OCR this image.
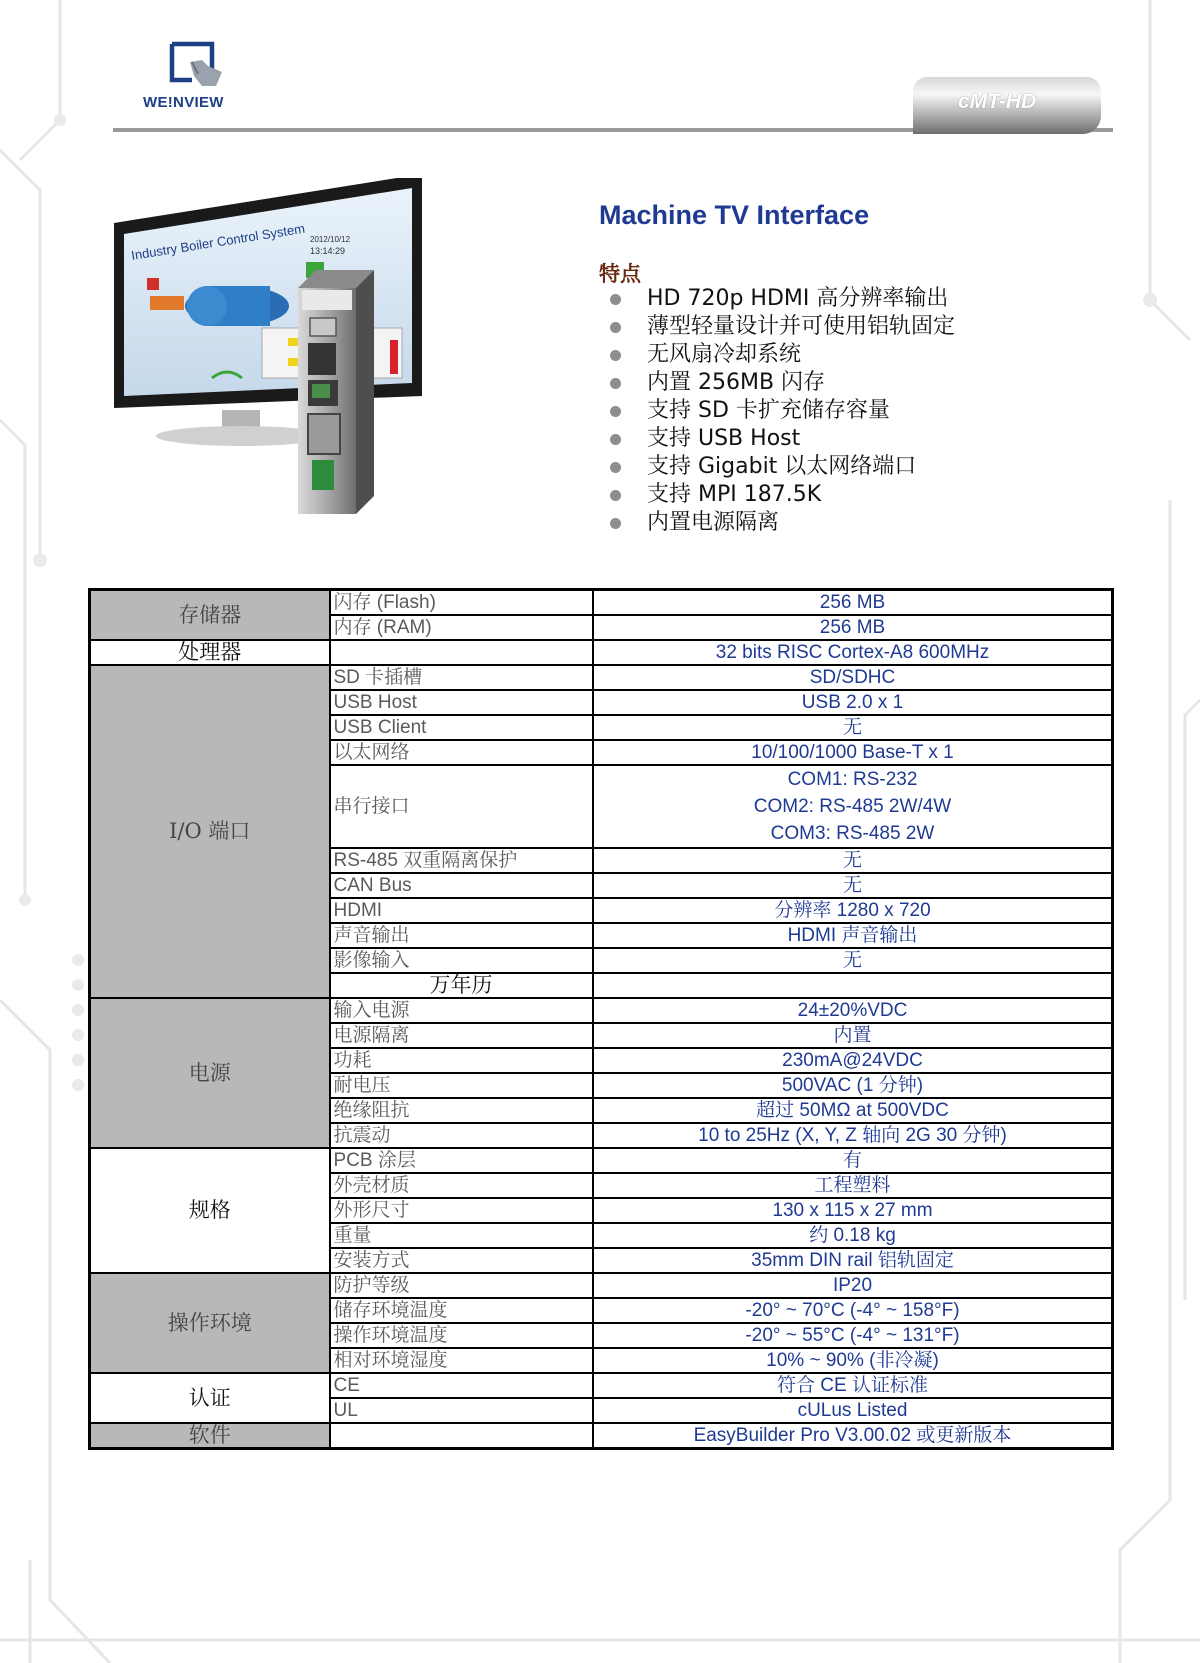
WE!NVIEW	cMT-HD
Industry Boiler Control System 2012/10/12
13:14:29
Machine TV Interface
特点
HD 720p HDMI 高分辨率输出
薄型轻量设计并可使用铝轨固定
无风扇冷却系统
内置 256MB 闪存
支持 SD 卡扩充储存容量
支持 USB Host
支持 Gigabit 以太网络端口
支持 MPI 187.5K
内置电源隔离
存储器	闪存 (Flash)	256 MB	
	内存 (RAM)	256 MB	
处理器		32 bits RISC Cortex-A8 600MHz	
I/O 端口	SD 卡插槽	SD/SDHC	
	USB Host	USB 2.0 x 1	
	USB Client	无	
	以太网络	10/100/1000 Base-T x 1	
	串行接口	COM1: RS-232
COM2: RS-485 2W/4W
COM3: RS-485 2W	

	RS-485 双重隔离保护	无	
	CAN Bus	无	
	HDMI	分辨率 1280 x 720	
	声音输出	HDMI 声音输出	
	影像输入	无	
	万年历		
电源	输入电源	24±20%VDC	
	电源隔离	内置	
	功耗	230mA@24VDC	
	耐电压	500VAC (1 分钟)	
	绝缘阻抗	超过 50MΩ at 500VDC	
	抗震动	10 to 25Hz (X, Y, Z 轴向 2G 30 分钟)	
规格	PCB 涂层	有	
	外壳材质	工程塑料	
	外形尺寸	130 x 115 x 27 mm	
	重量	约 0.18 kg	
	安装方式	35mm DIN rail 铝轨固定	
操作环境	防护等级	IP20	
	储存环境温度	-20° ~ 70°C (-4° ~ 158°F)	
	操作环境温度	-20° ~ 55°C (-4° ~ 131°F)	
	相对环境湿度	10% ~ 90% (非冷凝)	
认证	CE	符合 CE 认证标准	
	UL	cULus Listed	
软件		EasyBuilder Pro V3.00.02 或更新版本	
